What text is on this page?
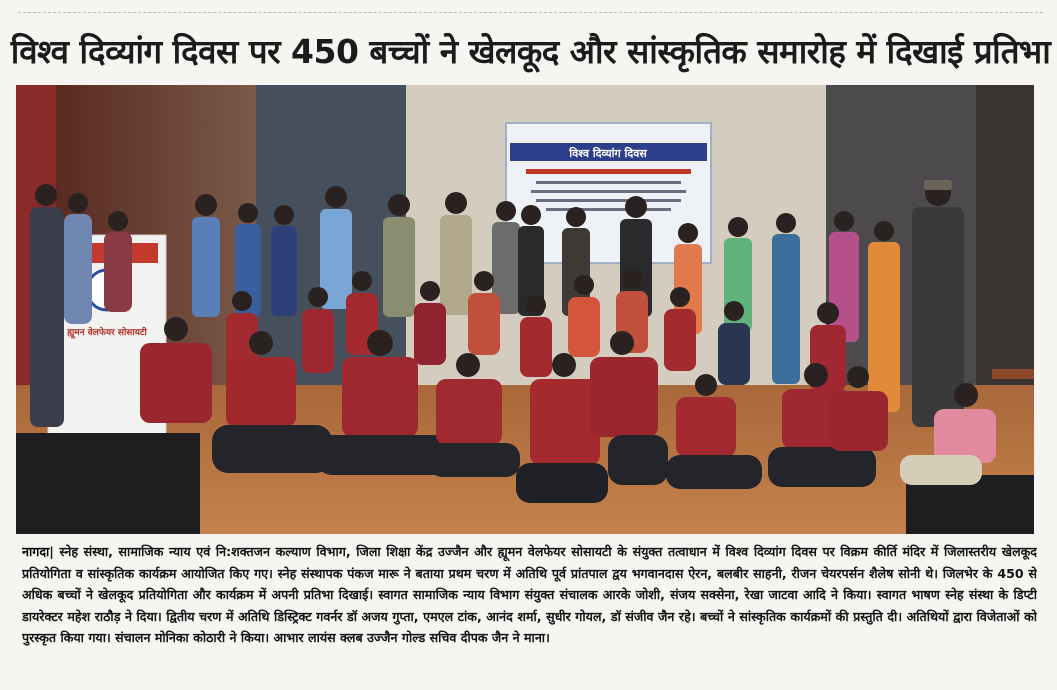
विश्व दिव्यांग दिवस पर 450 बच्चों ने खेलकूद और सांस्कृतिक समारोह में दिखाई प्रतिभा
विश्व दिव्यांग दिवस
ह्यूमन वेलफेयर सोसायटी
नागदा| स्नेह संस्था, सामाजिक न्याय एवं नि:शक्तजन कल्याण विभाग, जिला शिक्षा केंद्र उज्जैन और ह्यूमन वेलफेयर सोसायटी के संयुक्त तत्वाधान में विश्व दिव्यांग दिवस पर विक्रम कीर्ति मंदिर में जिलास्तरीय खेलकूद प्रतियोगिता व सांस्कृतिक कार्यक्रम आयोजित किए गए। स्नेह संस्थापक पंकज मारू ने बताया प्रथम चरण में अतिथि पूर्व प्रांतपाल द्वय भगवानदास ऐरन, बलबीर साहनी, रीजन चेयरपर्सन शैलेष सोनी थे। जिलभेर के 450 से अधिक बच्चों ने खेलकूद प्रतियोगिता और कार्यक्रम में अपनी प्रतिभा दिखाई। स्वागत सामाजिक न्याय विभाग संयुक्त संचालक आरके जोशी, संजय सक्सेना, रेखा जाटवा आदि ने किया। स्वागत भाषण स्नेह संस्था के डिप्टी डायरेक्टर महेश राठौड़ ने दिया। द्वितीय चरण में अतिथि डिस्ट्रिक्ट गवर्नर डॉ अजय गुप्ता, एमएल टांक, आनंद शर्मा, सुधीर गोयल, डॉ संजीव जैन रहे। बच्चों ने सांस्कृतिक कार्यक्रमों की प्रस्तुति दी। अतिथियों द्वारा विजेताओं को पुरस्कृत किया गया। संचालन मोनिका कोठारी ने किया। आभार लायंस क्लब उज्जैन गोल्ड सचिव दीपक जैन ने माना।
